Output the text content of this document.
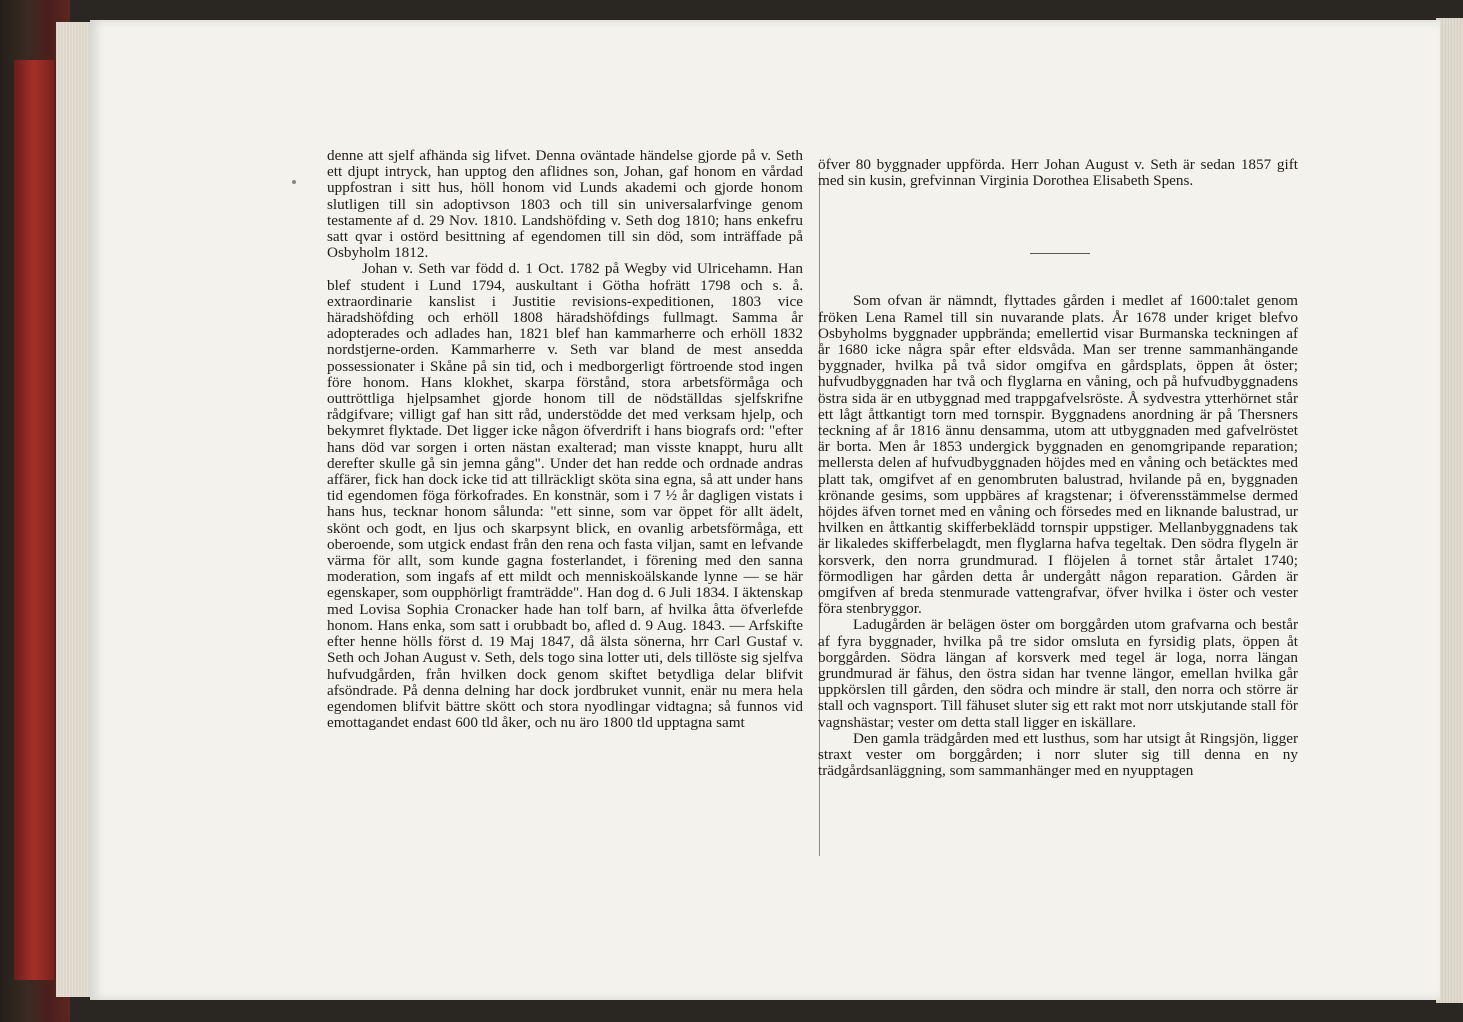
denne att sjelf afhända sig lifvet. Denna oväntade händelse gjorde på v. Seth ett djupt intryck, han upptog den aflidnes son, Johan, gaf honom en vårdad uppfostran i sitt hus, höll honom vid Lunds akademi och gjorde honom slutligen till sin adoptivson 1803 och till sin universalarfvinge genom testamente af d. 29 Nov. 1810. Landshöfding v. Seth dog 1810; hans enkefru satt qvar i ostörd besittning af egendomen till sin död, som inträffade på Osbyholm 1812.

Johan v. Seth var född d. 1 Oct. 1782 på Wegby vid Ulricehamn. Han blef student i Lund 1794, auskultant i Götha hofrätt 1798 och s. å. extraordinarie kanslist i Justitie revisions-expeditionen, 1803 vice häradshöfding och erhöll 1808 häradshöfdings fullmagt. Samma år adopterades och adlades han, 1821 blef han kammarherre och erhöll 1832 nordstjerne-orden. Kammarherre v. Seth var bland de mest ansedda possessionater i Skåne på sin tid, och i medborgerligt förtroende stod ingen före honom. Hans klokhet, skarpa förstånd, stora arbetsförmåga och outtröttliga hjelpsamhet gjorde honom till de nödställdas sjelfskrifne rådgifvare; villigt gaf han sitt råd, understödde det med verksam hjelp, och bekymret flyktade. Det ligger icke någon öfverdrift i hans biografs ord: "efter hans död var sorgen i orten nästan exalterad; man visste knappt, huru allt derefter skulle gå sin jemna gång". Under det han redde och ordnade andras affärer, fick han dock icke tid att tillräckligt sköta sina egna, så att under hans tid egendomen föga förkofrades. En konstnär, som i 7 ½ år dagligen vistats i hans hus, tecknar honom sålunda: "ett sinne, som var öppet för allt ädelt, skönt och godt, en ljus och skarpsynt blick, en ovanlig arbetsförmåga, ett oberoende, som utgick endast från den rena och fasta viljan, samt en lefvande värma för allt, som kunde gagna fosterlandet, i förening med den sanna moderation, som ingafs af ett mildt och menniskoälskande lynne — se här egenskaper, som oupphörligt framträdde". Han dog d. 6 Juli 1834. I äktenskap med Lovisa Sophia Cronacker hade han tolf barn, af hvilka åtta öfverlefde honom. Hans enka, som satt i orubbadt bo, afled d. 9 Aug. 1843. — Arfskifte efter henne hölls först d. 19 Maj 1847, då älsta sönerna, hrr Carl Gustaf v. Seth och Johan August v. Seth, dels togo sina lotter uti, dels tillöste sig sjelfva hufvudgården, från hvilken dock genom skiftet betydliga delar blifvit afsöndrade. På denna delning har dock jordbruket vunnit, enär nu mera hela egendomen blifvit bättre skött och stora nyodlingar vidtagna; så funnos vid emottagandet endast 600 tld åker, och nu äro 1800 tld upptagna samt

öfver 80 byggnader uppförda. Herr Johan August v. Seth är sedan 1857 gift med sin kusin, grefvinnan Virginia Dorothea Elisabeth Spens.

Som ofvan är nämndt, flyttades gården i medlet af 1600:talet genom fröken Lena Ramel till sin nuvarande plats. År 1678 under kriget blefvo Osbyholms byggnader uppbrända; emellertid visar Burmanska teckningen af år 1680 icke några spår efter eldsvåda. Man ser trenne sammanhängande byggnader, hvilka på två sidor omgifva en gårdsplats, öppen åt öster; hufvudbyggnaden har två och flyglarna en våning, och på hufvudbyggnadens östra sida är en utbyggnad med trappgafvelsröste. Å sydvestra ytterhörnet står ett lågt åttkantigt torn med tornspir. Byggnadens anordning är på Thersners teckning af år 1816 ännu densamma, utom att utbyggnaden med gafvelröstet är borta. Men år 1853 undergick byggnaden en genomgripande reparation; mellersta delen af hufvudbyggnaden höjdes med en våning och betäcktes med platt tak, omgifvet af en genombruten balustrad, hvilande på en, byggnaden krönande gesims, som uppbäres af kragstenar; i öfverensstämmelse dermed höjdes äfven tornet med en våning och försedes med en liknande balustrad, ur hvilken en åttkantig skifferbeklädd tornspir uppstiger. Mellanbyggnadens tak är likaledes skifferbelagdt, men flyglarna hafva tegeltak. Den södra flygeln är korsverk, den norra grundmurad. I flöjelen å tornet står årtalet 1740; förmodligen har gården detta år undergått någon reparation. Gården är omgifven af breda stenmurade vattengrafvar, öfver hvilka i öster och vester föra stenbryggor.

Ladugården är belägen öster om borggården utom grafvarna och består af fyra byggnader, hvilka på tre sidor omsluta en fyrsidig plats, öppen åt borggården. Södra längan af korsverk med tegel är loga, norra längan grundmurad är fähus, den östra sidan har tvenne längor, emellan hvilka går uppkörslen till gården, den södra och mindre är stall, den norra och större är stall och vagnsport. Till fähuset sluter sig ett rakt mot norr utskjutande stall för vagnshästar; vester om detta stall ligger en iskällare.

Den gamla trädgården med ett lusthus, som har utsigt åt Ringsjön, ligger straxt vester om borggården; i norr sluter sig till denna en ny trädgårdsanläggning, som sammanhänger med en nyupptagen
